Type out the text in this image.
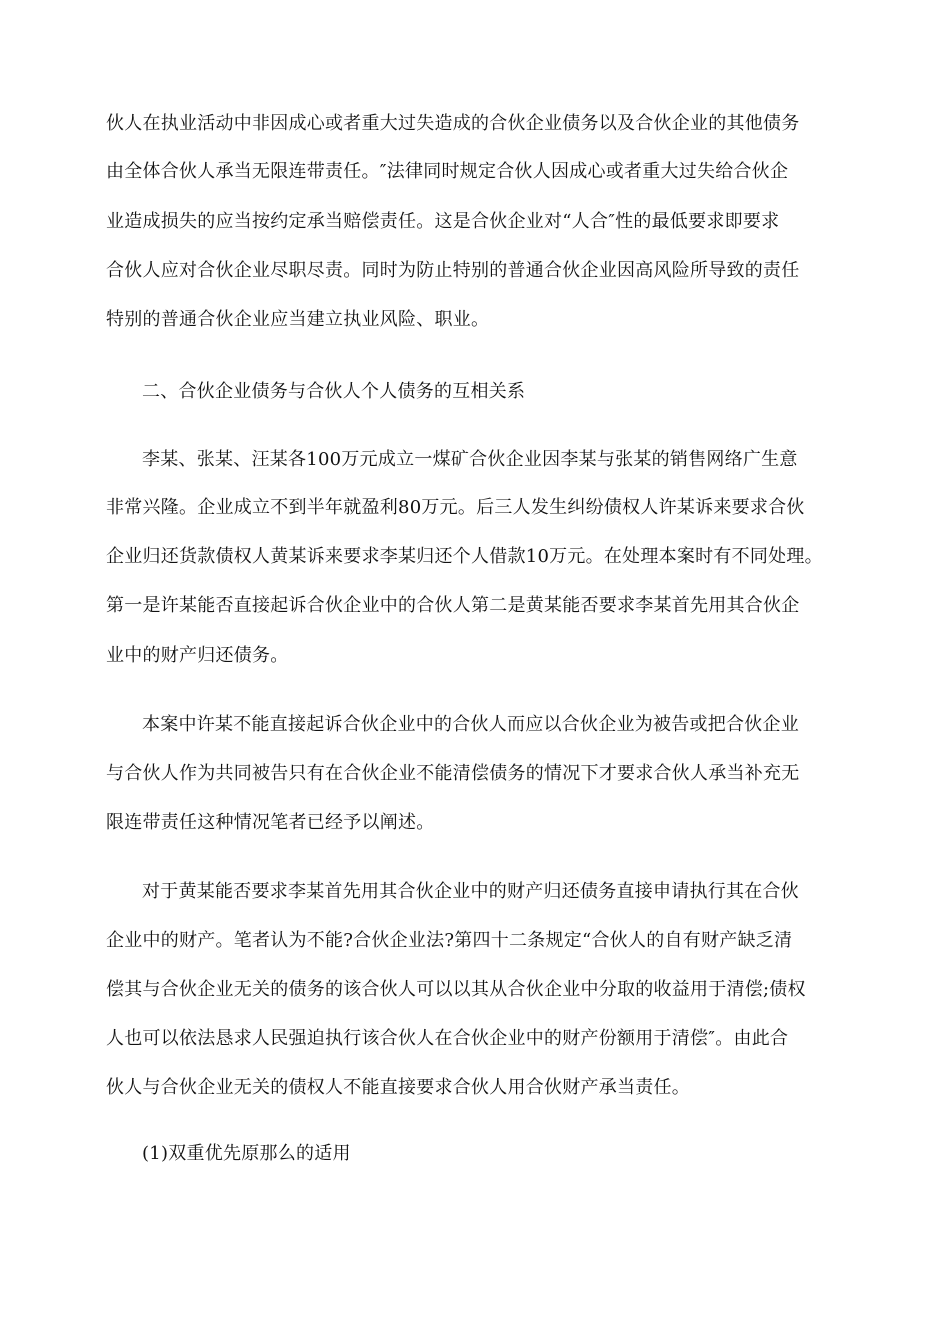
伙人在执业活动中非因成心或者重大过失造成的合伙企业债务以及合伙企业的其他债务

由全体合伙人承当无限连带责任。″法律同时规定合伙人因成心或者重大过失给合伙企

业造成损失的应当按约定承当赔偿责任。这是合伙企业对“人合″性的最低要求即要求

合伙人应对合伙企业尽职尽责。同时为防止特别的普通合伙企业因高风险所导致的责任

特别的普通合伙企业应当建立执业风险、职业。

二、合伙企业债务与合伙人个人债务的互相关系

李某、张某、汪某各100万元成立一煤矿合伙企业因李某与张某的销售网络广生意

非常兴隆。企业成立不到半年就盈利80万元。后三人发生纠纷债权人许某诉来要求合伙

企业归还货款债权人黄某诉来要求李某归还个人借款10万元。在处理本案时有不同处理。

第一是许某能否直接起诉合伙企业中的合伙人第二是黄某能否要求李某首先用其合伙企

业中的财产归还债务。

本案中许某不能直接起诉合伙企业中的合伙人而应以合伙企业为被告或把合伙企业

与合伙人作为共同被告只有在合伙企业不能清偿债务的情况下才要求合伙人承当补充无

限连带责任这种情况笔者已经予以阐述。

对于黄某能否要求李某首先用其合伙企业中的财产归还债务直接申请执行其在合伙

企业中的财产。笔者认为不能?合伙企业法?第四十二条规定“合伙人的自有财产缺乏清

偿其与合伙企业无关的债务的该合伙人可以以其从合伙企业中分取的收益用于清偿;债权

人也可以依法恳求人民强迫执行该合伙人在合伙企业中的财产份额用于清偿″。由此合

伙人与合伙企业无关的债权人不能直接要求合伙人用合伙财产承当责任。

(1)双重优先原那么的适用
